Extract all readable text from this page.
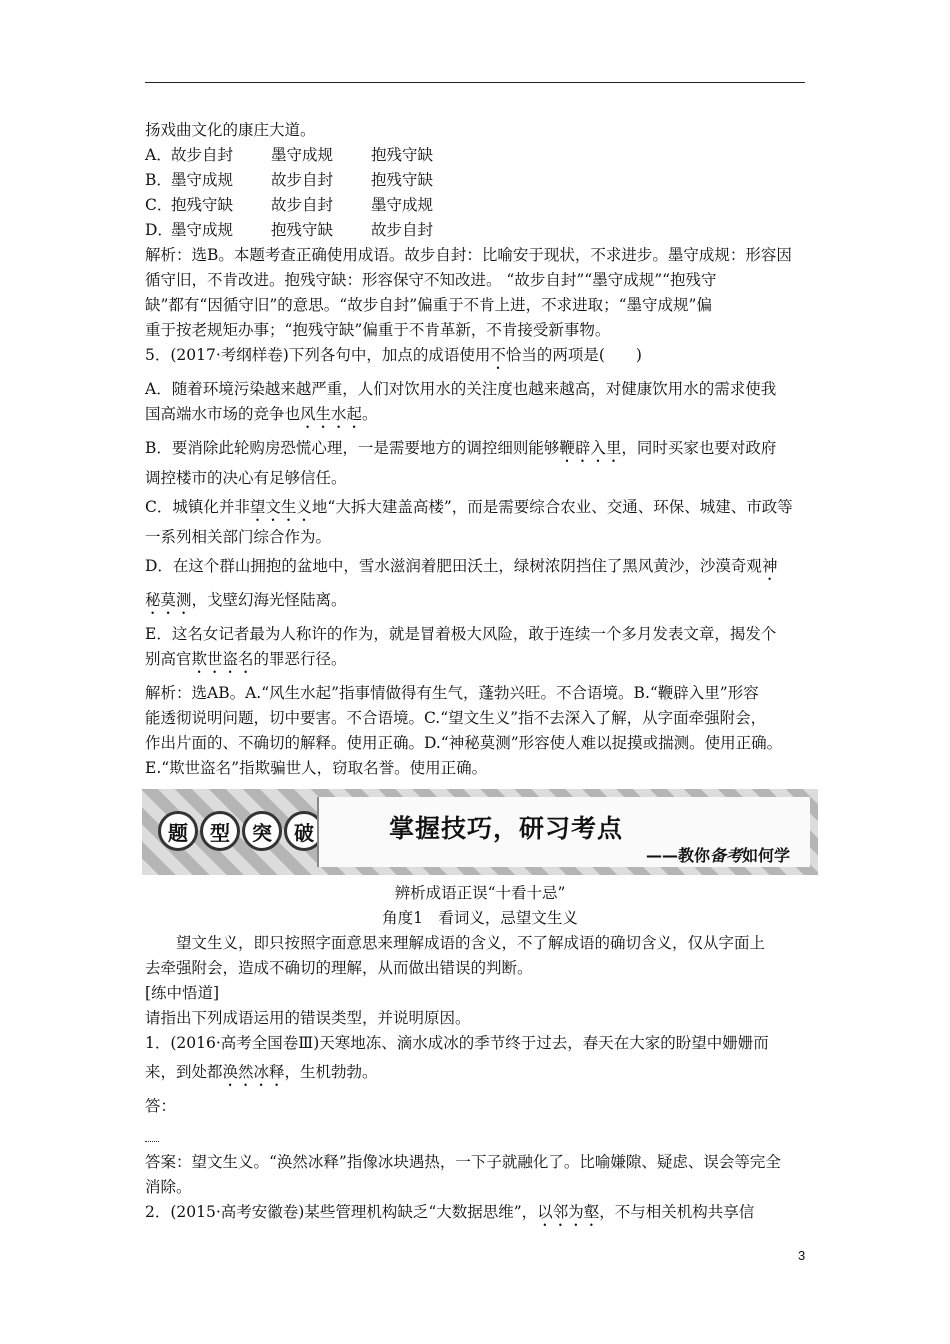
扬戏曲文化的康庄大道。
A．故步自封 墨守成规 抱残守缺
B．墨守成规 故步自封 抱残守缺
C．抱残守缺 故步自封 墨守成规
D．墨守成规 抱残守缺 故步自封
解析：选B。本题考查正确使用成语。故步自封：比喻安于现状，不求进步。墨守成规：形容因
循守旧，不肯改进。抱残守缺：形容保守不知改进。 “故步自封”“墨守成规”“抱残守
缺”都有“因循守旧”的意思。“故步自封”偏重于不肯上进，不求进取；“墨守成规”偏
重于按老规矩办事；“抱残守缺”偏重于不肯革新，不肯接受新事物。
5．(2017·考纲样卷)下列各句中，加点的成语使用不恰当的两项是(　　)
A．随着环境污染越来越严重，人们对饮用水的关注度也越来越高，对健康饮用水的需求使我
国高端水市场的竞争也风生水起。
B．要消除此轮购房恐慌心理，一是需要地方的调控细则能够鞭辟入里，同时买家也要对政府
调控楼市的决心有足够信任。
C．城镇化并非望文生义地“大拆大建盖高楼”，而是需要综合农业、交通、环保、城建、市政等
一系列相关部门综合作为。
D．在这个群山拥抱的盆地中，雪水滋润着肥田沃土，绿树浓阴挡住了黑风黄沙，沙漠奇观神
秘莫测，戈壁幻海光怪陆离。
E．这名女记者最为人称许的作为，就是冒着极大风险，敢于连续一个多月发表文章，揭发个
别高官欺世盗名的罪恶行径。
解析：选AB。A.“风生水起”指事情做得有生气，蓬勃兴旺。不合语境。B.“鞭辟入里”形容
能透彻说明问题，切中要害。不合语境。C.“望文生义”指不去深入了解，从字面牵强附会，
作出片面的、不确切的解释。使用正确。D.“神秘莫测”形容使人难以捉摸或揣测。使用正确。
E.“欺世盗名”指欺骗世人，窃取名誉。使用正确。
题	型	突	破	掌握技巧，研习考点
——教你备考如何学
辨析成语正误“十看十忌”
角度1　看词义，忌望文生义
望文生义，即只按照字面意思来理解成语的含义，不了解成语的确切含义，仅从字面上
去牵强附会，造成不确切的理解，从而做出错误的判断。
[练中悟道]
请指出下列成语运用的错误类型，并说明原因。
1．(2016·高考全国卷Ⅲ)天寒地冻、滴水成冰的季节终于过去，春天在大家的盼望中姗姗而
来，到处都涣然冰释，生机勃勃。
答：
答案：望文生义。“涣然冰释”指像冰块遇热，一下子就融化了。比喻嫌隙、疑虑、误会等完全
消除。
2．(2015·高考安徽卷)某些管理机构缺乏“大数据思维”，以邻为壑，不与相关机构共享信
3
